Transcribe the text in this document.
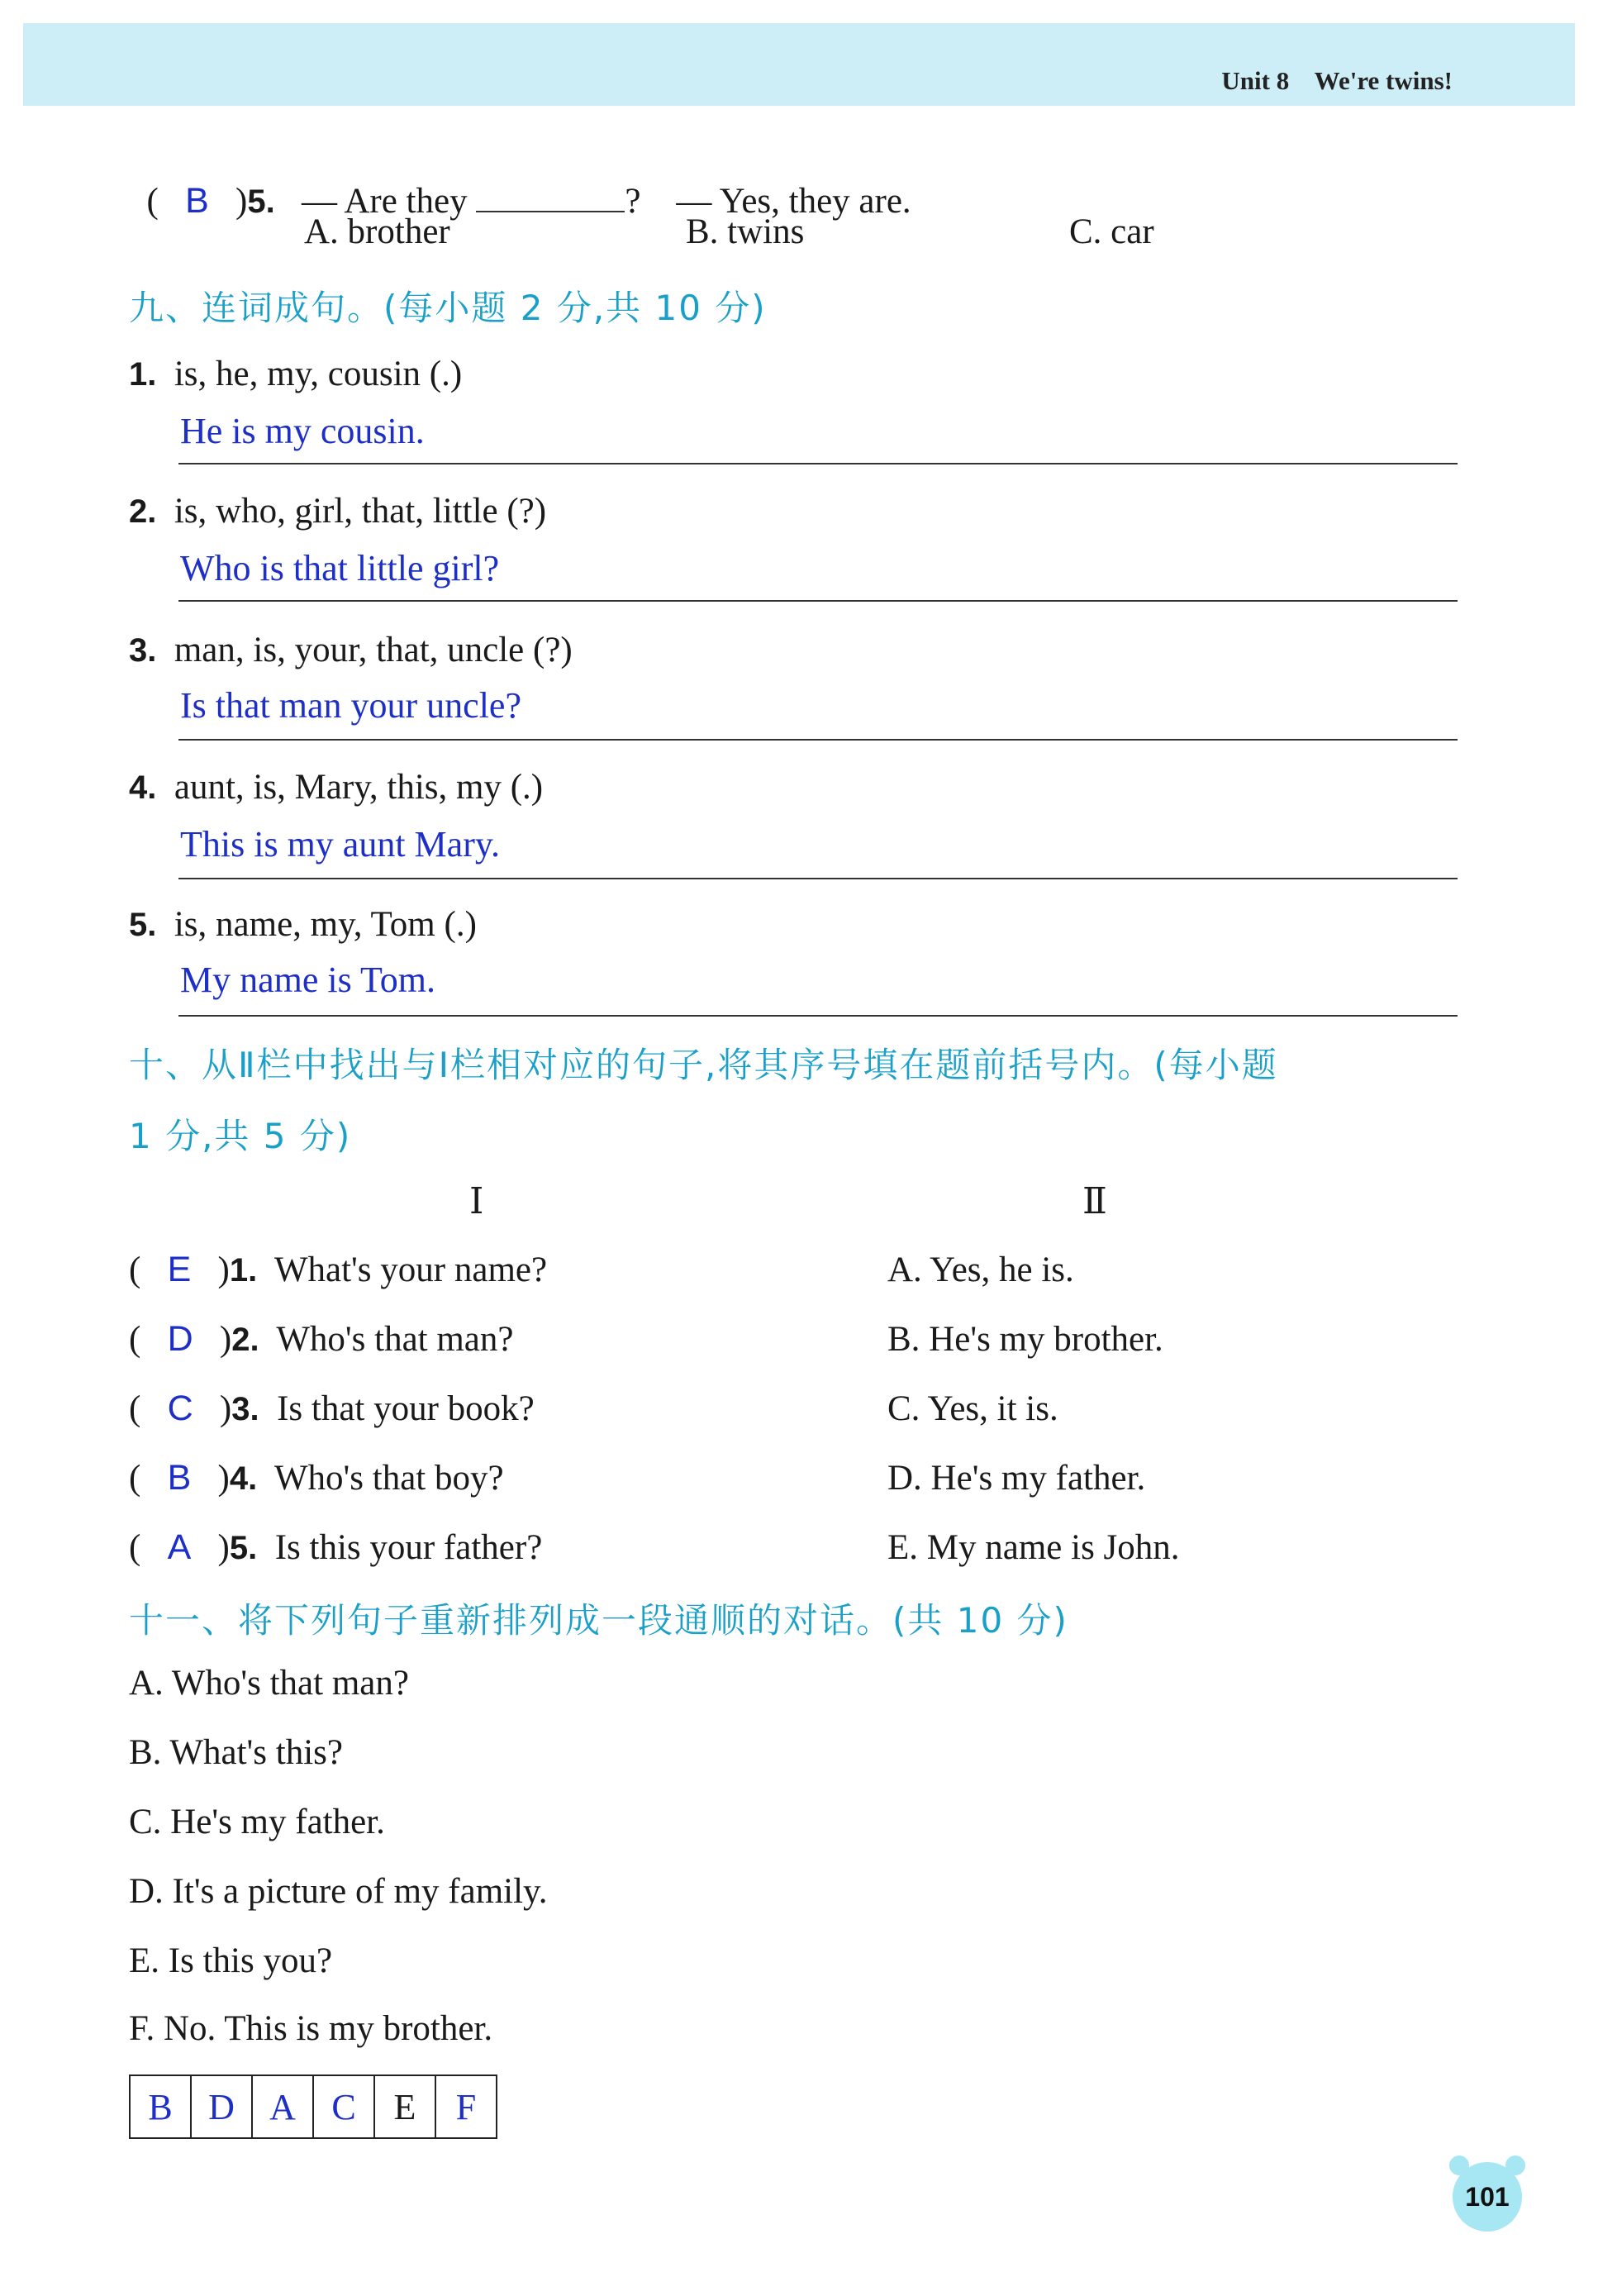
Unit 8 We're twins!

(   B   )5. — Are they	? — Yes, they are.

A. brother	B. twins	C. car
九、连词成句。(每小题 2 分,共 10 分)
1. is, he, my, cousin (.)
He is my cousin.
2. is, who, girl, that, little (?)
Who is that little girl?
3. man, is, your, that, uncle (?)
Is that man your uncle?
4. aunt, is, Mary, this, my (.)
This is my aunt Mary.
5. is, name, my, Tom (.)
My name is Tom.
十、从Ⅱ栏中找出与Ⅰ栏相对应的句子,将其序号填在题前括号内。(每小题
1 分,共 5 分)
Ⅰ	Ⅱ
(   E   )1. What's your name?	A. Yes, he is.
(   D   )2. Who's that man?	B. He's my brother.
(   C   )3. Is that your book?	C. Yes, it is.
(   B   )4. Who's that boy?	D. He's my father.
(   A   )5. Is this your father?	E. My name is John.
十一、将下列句子重新排列成一段通顺的对话。(共 10 分)
A. Who's that man?
B. What's this?
C. He's my father.
D. It's a picture of my family.
E. Is this you?
F. No. This is my brother.
B D A C	E	F
101
